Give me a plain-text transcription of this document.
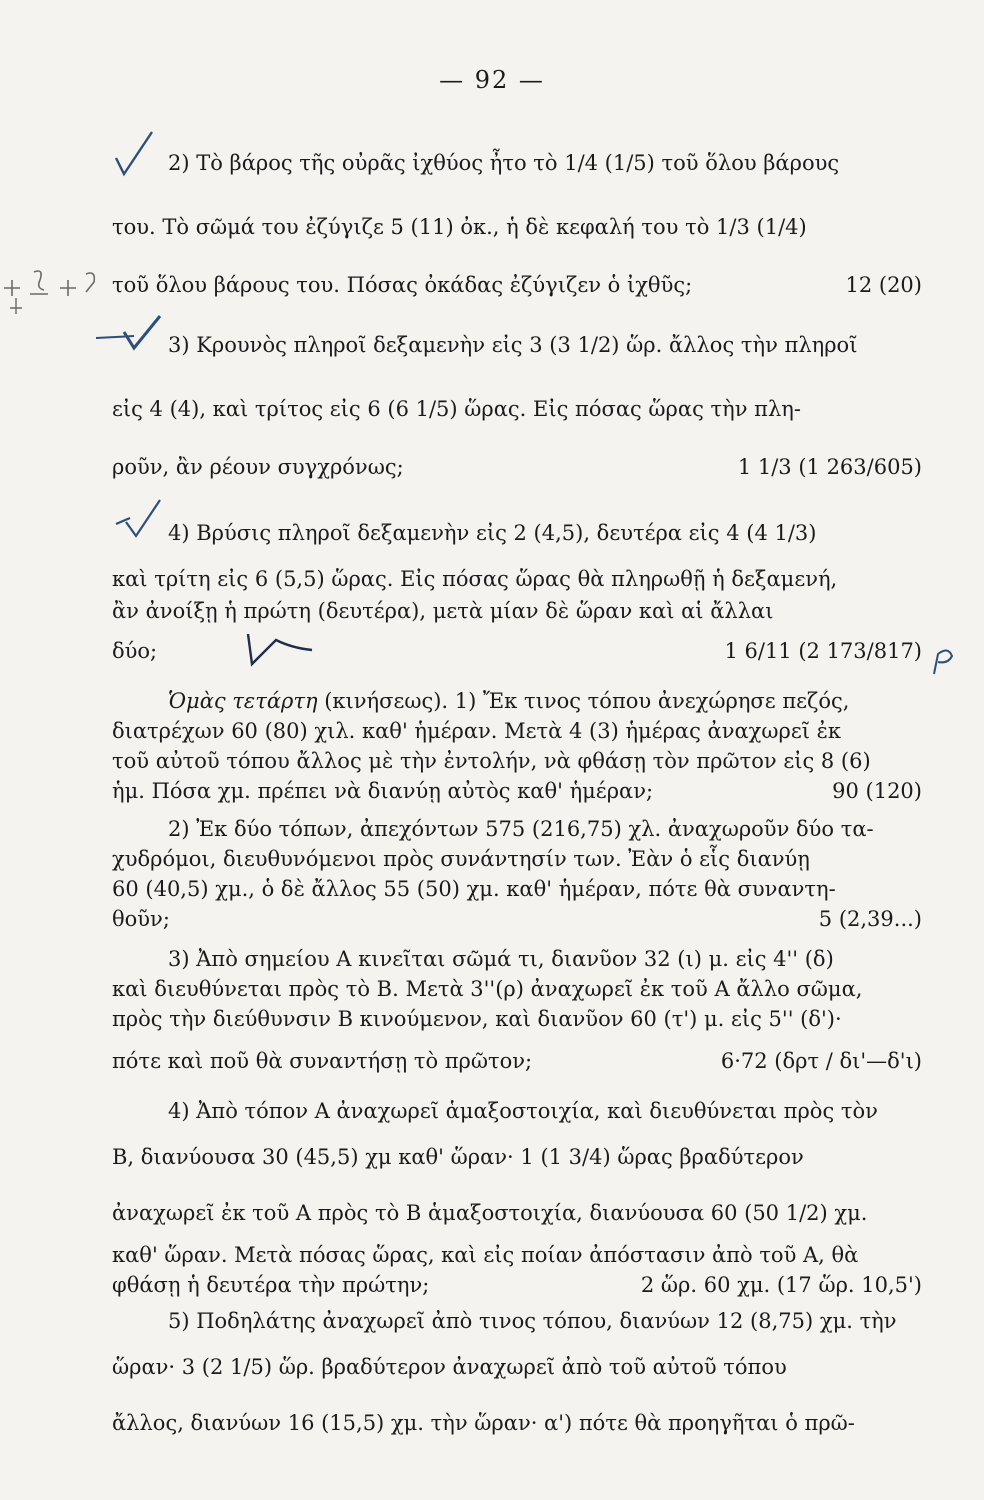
— 92 —
2) Τὸ βάρος τῆς οὐρᾶς ἰχθύος ἦτο τὸ 1/4 (1/5) τοῦ ὅλου βάρους
του. Τὸ σῶμά του ἐζύγιζε 5 (11) ὀκ., ἡ δὲ κεφαλή του τὸ 1/3 (1/4)
τοῦ ὅλου βάρους του. Πόσας ὀκάδας ἐζύγιζεν ὁ ἰχθῦς;	12 (20)
3) Κρουνὸς πληροῖ δεξαμενὴν εἰς 3 (3 1/2) ὥρ. ἄλλος τὴν πληροῖ
εἰς 4 (4), καὶ τρίτος εἰς 6 (6 1/5) ὥρας. Εἰς πόσας ὥρας τὴν πλη-
ροῦν, ἂν ρέουν συγχρόνως;	1 1/3 (1 263/605)
4) Βρύσις πληροῖ δεξαμενὴν εἰς 2 (4,5), δευτέρα εἰς 4 (4 1/3)
καὶ τρίτη εἰς 6 (5,5) ὥρας. Εἰς πόσας ὥρας θὰ πληρωθῇ ἡ δεξαμενή,
ἂν ἀνοίξῃ ἡ πρώτη (δευτέρα), μετὰ μίαν δὲ ὥραν καὶ αἱ ἄλλαι
δύο;	1 6/11 (2 173/817)
Ὁμὰς τετάρτη (κινήσεως). 1) Ἔκ τινος τόπου ἀνεχώρησε πεζός,
διατρέχων 60 (80) χιλ. καθ' ἡμέραν. Μετὰ 4 (3) ἡμέρας ἀναχωρεῖ ἐκ
τοῦ αὐτοῦ τόπου ἄλλος μὲ τὴν ἐντολήν, νὰ φθάσῃ τὸν πρῶτον εἰς 8 (6)
ἡμ. Πόσα χμ. πρέπει νὰ διανύῃ αὐτὸς καθ' ἡμέραν;	90 (120)
2) Ἐκ δύο τόπων, ἀπεχόντων 575 (216,75) χλ. ἀναχωροῦν δύο τα-
χυδρόμοι, διευθυνόμενοι πρὸς συνάντησίν των. Ἐὰν ὁ εἷς διανύῃ
60 (40,5) χμ., ὁ δὲ ἄλλος 55 (50) χμ. καθ' ἡμέραν, πότε θὰ συναντη-
θοῦν;	5 (2,39...)
3) Ἀπὸ σημείου Α κινεῖται σῶμά τι, διανῦον 32 (ι) μ. εἰς 4'' (δ)
καὶ διευθύνεται πρὸς τὸ Β. Μετὰ 3''(ρ) ἀναχωρεῖ ἐκ τοῦ Α ἄλλο σῶμα,
πρὸς τὴν διεύθυνσιν Β κινούμενον, καὶ διανῦον 60 (τ') μ. εἰς 5'' (δ')·
πότε καὶ ποῦ θὰ συναντήσῃ τὸ πρῶτον;	6·72 (δρτ / δι'—δ'ι)
4) Ἀπὸ τόπον Α ἀναχωρεῖ ἁμαξοστοιχία, καὶ διευθύνεται πρὸς τὸν
Β, διανύουσα 30 (45,5) χμ καθ' ὥραν· 1 (1 3/4) ὥρας βραδύτερον
ἀναχωρεῖ ἐκ τοῦ Α πρὸς τὸ Β ἁμαξοστοιχία, διανύουσα 60 (50 1/2) χμ.
καθ' ὥραν. Μετὰ πόσας ὥρας, καὶ εἰς ποίαν ἀπόστασιν ἀπὸ τοῦ Α, θὰ
φθάσῃ ἡ δευτέρα τὴν πρώτην;	2 ὥρ. 60 χμ. (17 ὥρ. 10,5')
5) Ποδηλάτης ἀναχωρεῖ ἀπὸ τινος τόπου, διανύων 12 (8,75) χμ. τὴν
ὥραν· 3 (2 1/5) ὥρ. βραδύτερον ἀναχωρεῖ ἀπὸ τοῦ αὐτοῦ τόπου
ἄλλος, διανύων 16 (15,5) χμ. τὴν ὥραν· α') πότε θὰ προηγῆται ὁ πρῶ-
